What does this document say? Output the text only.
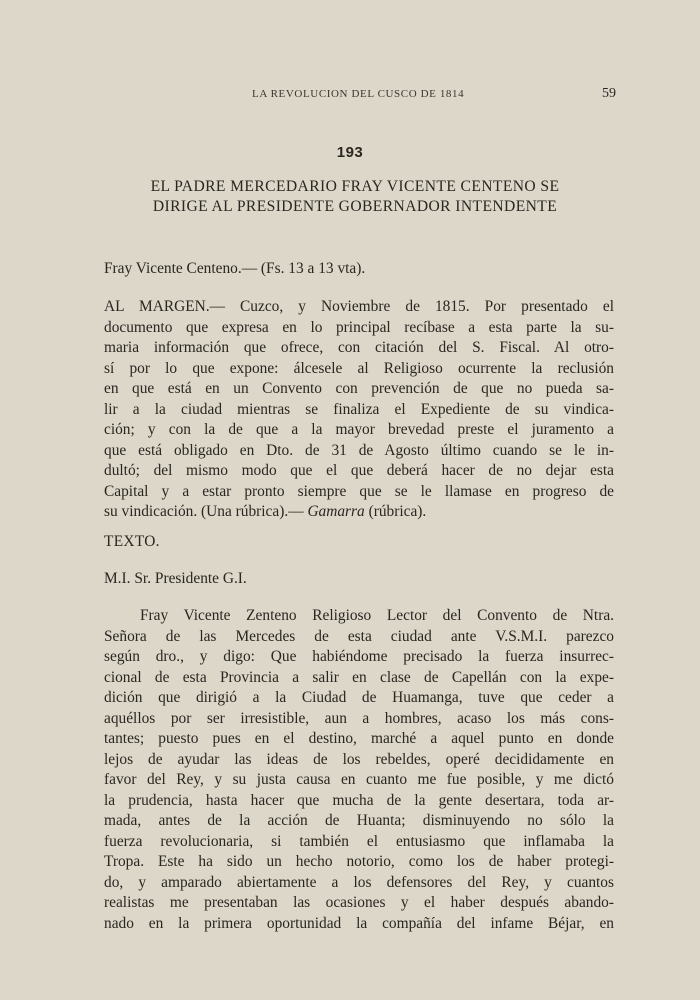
LA REVOLUCION DEL CUSCO DE 1814	59
193
EL PADRE MERCEDARIO FRAY VICENTE CENTENO SE
DIRIGE AL PRESIDENTE GOBERNADOR INTENDENTE
Fray Vicente Centeno.— (Fs. 13 a 13 vta).
AL MARGEN.— Cuzco, y Noviembre de 1815. Por presentado el
documento que expresa en lo principal recíbase a esta parte la su-
maria información que ofrece, con citación del S. Fiscal. Al otro-
sí por lo que expone: álcesele al Religioso ocurrente la reclusión
en que está en un Convento con prevención de que no pueda sa-
lir a la ciudad mientras se finaliza el Expediente de su vindica-
ción; y con la de que a la mayor brevedad preste el juramento a
que está obligado en Dto. de 31 de Agosto último cuando se le in-
dultó; del mismo modo que el que deberá hacer de no dejar esta
Capital y a estar pronto siempre que se le llamase en progreso de
su vindicación. (Una rúbrica).— Gamarra (rúbrica).
TEXTO.
M.I. Sr. Presidente G.I.
Fray Vicente Zenteno Religioso Lector del Convento de Ntra.
Señora de las Mercedes de esta ciudad ante V.S.M.I. parezco
según dro., y digo: Que habiéndome precisado la fuerza insurrec-
cional de esta Provincia a salir en clase de Capellán con la expe-
dición que dirigió a la Ciudad de Huamanga, tuve que ceder a
aquéllos por ser irresistible, aun a hombres, acaso los más cons-
tantes; puesto pues en el destino, marché a aquel punto en donde
lejos de ayudar las ideas de los rebeldes, operé decididamente en
favor del Rey, y su justa causa en cuanto me fue posible, y me dictó
la prudencia, hasta hacer que mucha de la gente desertara, toda ar-
mada, antes de la acción de Huanta; disminuyendo no sólo la
fuerza revolucionaria, si también el entusiasmo que inflamaba la
Tropa. Este ha sido un hecho notorio, como los de haber protegi-
do, y amparado abiertamente a los defensores del Rey, y cuantos
realistas me presentaban las ocasiones y el haber después abando-
nado en la primera oportunidad la compañía del infame Béjar, en
